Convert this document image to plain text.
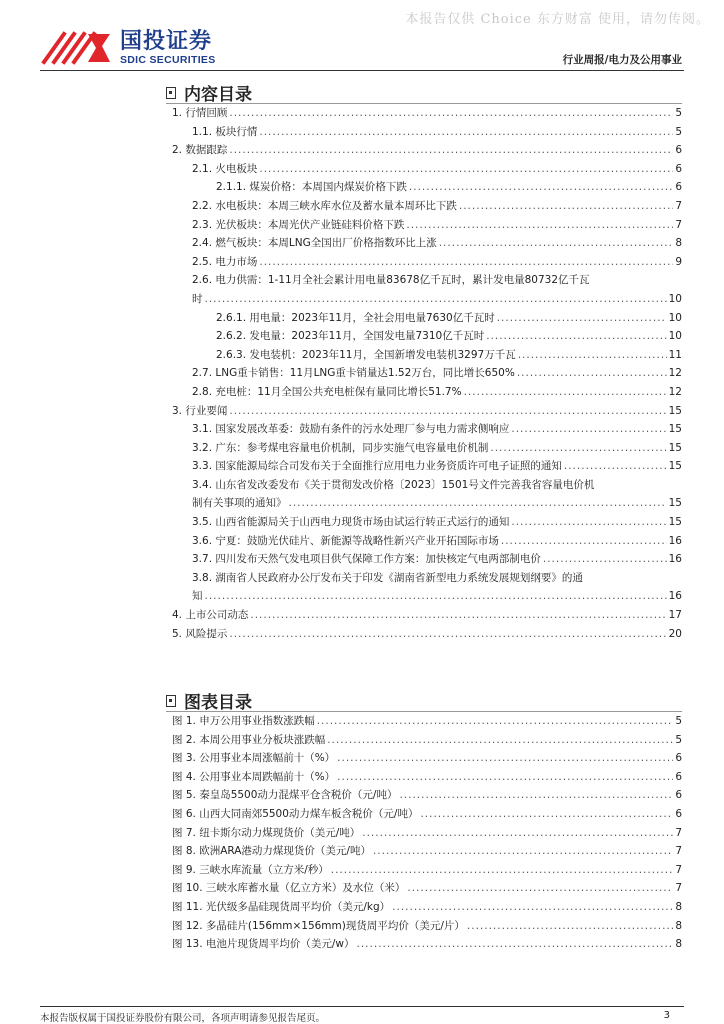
本报告仅供 Choice 东方财富 使用，请勿传阅。
国投证券
SDIC SECURITIES	行业周报/电力及公用事业
内容目录
1. 行情回顾 .....	5
1.1. 板块行情 .....	5
2. 数据跟踪 .....	6
2.1. 火电板块 .....	6
2.1.1. 煤炭价格：本周国内煤炭价格下跌 .....	6
2.2. 水电板块：本周三峡水库水位及蓄水量本周环比下跌 .....	7
2.3. 光伏板块：本周光伏产业链硅料价格下跌 .....	7
2.4. 燃气板块：本周LNG全国出厂价格指数环比上涨 .....	8
2.5. 电力市场 .....	9
2.6. 电力供需：1-11月全社会累计用电量83678亿千瓦时，累计发电量80732亿千瓦
时 .....	10
2.6.1. 用电量：2023年11月，全社会用电量7630亿千瓦时 .....	10
2.6.2. 发电量：2023年11月，全国发电量7310亿千瓦时 .....	10
2.6.3. 发电装机：2023年11月，全国新增发电装机3297万千瓦 .....	11
2.7. LNG重卡销售：11月LNG重卡销量达1.52万台，同比增长650% .....	12
2.8. 充电桩：11月全国公共充电桩保有量同比增长51.7% .....	12
3. 行业要闻 .....	15
3.1. 国家发展改革委：鼓励有条件的污水处理厂参与电力需求侧响应 .....	15
3.2. 广东：参考煤电容量电价机制，同步实施气电容量电价机制 .....	15
3.3. 国家能源局综合司发布关于全面推行应用电力业务资质许可电子证照的通知 .....	15
3.4. 山东省发改委发布《关于贯彻发改价格〔2023〕1501号文件完善我省容量电价机
制有关事项的通知》 .....	15
3.5. 山西省能源局关于山西电力现货市场由试运行转正式运行的通知 .....	15
3.6. 宁夏：鼓励光伏硅片、新能源等战略性新兴产业开拓国际市场 .....	16
3.7. 四川发布天然气发电项目供气保障工作方案：加快核定气电两部制电价 .....	16
3.8. 湖南省人民政府办公厅发布关于印发《湖南省新型电力系统发展规划纲要》的通
知 .....	16
4. 上市公司动态 .....	17
5. 风险提示 .....	20
图表目录
图 1. 申万公用事业指数涨跌幅 .....	5
图 2. 本周公用事业分板块涨跌幅 .....	5
图 3. 公用事业本周涨幅前十（%） .....	6
图 4. 公用事业本周跌幅前十（%） .....	6
图 5. 秦皇岛5500动力混煤平仓含税价（元/吨） .....	6
图 6. 山西大同南郊5500动力煤车板含税价（元/吨） .....	6
图 7. 纽卡斯尔动力煤现货价（美元/吨） .....	7
图 8. 欧洲ARA港动力煤现货价（美元/吨） .....	7
图 9. 三峡水库流量（立方米/秒） .....	7
图 10. 三峡水库蓄水量（亿立方米）及水位（米） .....	7
图 11. 光伏级多晶硅现货周平均价（美元/kg） .....	8
图 12. 多晶硅片(156mm×156mm)现货周平均价（美元/片） .....	8
图 13. 电池片现货周平均价（美元/w） .....	8
本报告版权属于国投证券股份有限公司，各项声明请参见报告尾页。	3
